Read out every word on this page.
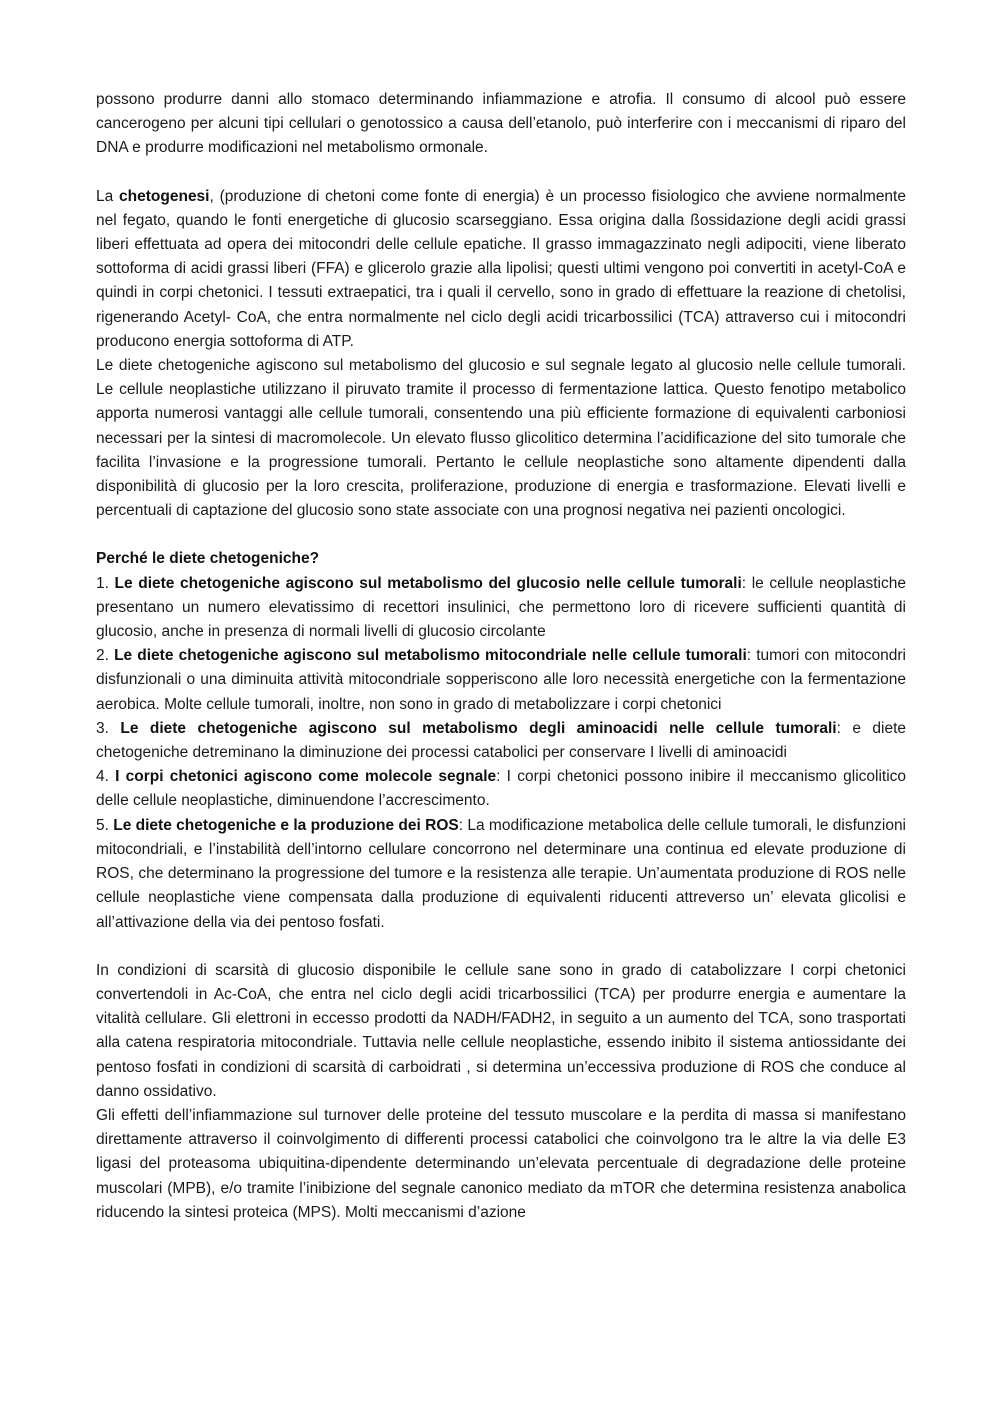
possono produrre danni allo stomaco determinando infiammazione e atrofia. Il consumo di alcool può essere cancerogeno per alcuni tipi cellulari o genotossico a causa dell’etanolo, può interferire con i meccanismi di riparo del DNA e produrre modificazioni nel metabolismo ormonale.

La chetogenesi, (produzione di chetoni come fonte di energia) è un processo fisiologico che avviene normalmente nel fegato, quando le fonti energetiche di glucosio scarseggiano. Essa origina dalla ßossidazione degli acidi grassi liberi effettuata ad opera dei mitocondri delle cellule epatiche. Il grasso immagazzinato negli adipociti, viene liberato sottoforma di acidi grassi liberi (FFA) e glicerolo grazie alla lipolisi; questi ultimi vengono poi convertiti in acetyl-CoA e quindi in corpi chetonici. I tessuti extraepatici, tra i quali il cervello, sono in grado di effettuare la reazione di chetolisi, rigenerando Acetyl- CoA, che entra normalmente nel ciclo degli acidi tricarbossilici (TCA) attraverso cui i mitocondri producono energia sottoforma di ATP.

Le diete chetogeniche agiscono sul metabolismo del glucosio e sul segnale legato al glucosio nelle cellule tumorali. Le cellule neoplastiche utilizzano il piruvato tramite il processo di fermentazione lattica. Questo fenotipo metabolico apporta numerosi vantaggi alle cellule tumorali, consentendo una più efficiente formazione di equivalenti carboniosi necessari per la sintesi di macromolecole. Un elevato flusso glicolitico determina l’acidificazione del sito tumorale che facilita l’invasione e la progressione tumorali. Pertanto le cellule neoplastiche sono altamente dipendenti dalla disponibilità di glucosio per la loro crescita, proliferazione, produzione di energia e trasformazione. Elevati livelli e percentuali di captazione del glucosio sono state associate con una prognosi negativa nei pazienti oncologici.

Perché le diete chetogeniche?

1. Le diete chetogeniche agiscono sul metabolismo del glucosio nelle cellule tumorali: le cellule neoplastiche presentano un numero elevatissimo di recettori insulinici, che permettono loro di ricevere sufficienti quantità di glucosio, anche in presenza di normali livelli di glucosio circolante

2. Le diete chetogeniche agiscono sul metabolismo mitocondriale nelle cellule tumorali: tumori con mitocondri disfunzionali o una diminuita attività mitocondriale sopperiscono alle loro necessità energetiche con la fermentazione aerobica. Molte cellule tumorali, inoltre, non sono in grado di metabolizzare i corpi chetonici

3. Le diete chetogeniche agiscono sul metabolismo degli aminoacidi nelle cellule tumorali: e diete chetogeniche detreminano la diminuzione dei processi catabolici per conservare I livelli di aminoacidi

4. I corpi chetonici agiscono come molecole segnale: I corpi chetonici possono inibire il meccanismo glicolitico delle cellule neoplastiche, diminuendone l’accrescimento.

5. Le diete chetogeniche e la produzione dei ROS: La modificazione metabolica delle cellule tumorali, le disfunzioni mitocondriali, e l’instabilità dell’intorno cellulare concorrono nel determinare una continua ed elevate produzione di ROS, che determinano la progressione del tumore e la resistenza alle terapie. Un’aumentata produzione di ROS nelle cellule neoplastiche viene compensata dalla produzione di equivalenti riducenti attreverso un’ elevata glicolisi e all’attivazione della via dei pentoso fosfati.

In condizioni di scarsità di glucosio disponibile le cellule sane sono in grado di catabolizzare I corpi chetonici convertendoli in Ac-CoA, che entra nel ciclo degli acidi tricarbossilici (TCA) per produrre energia e aumentare la vitalità cellulare. Gli elettroni in eccesso prodotti da NADH/FADH2, in seguito a un aumento del TCA, sono trasportati alla catena respiratoria mitocondriale. Tuttavia nelle cellule neoplastiche, essendo inibito il sistema antiossidante dei pentoso fosfati in condizioni di scarsità di carboidrati , si determina un’eccessiva produzione di ROS che conduce al danno ossidativo.

Gli effetti dell’infiammazione sul turnover delle proteine del tessuto muscolare e la perdita di massa si manifestano direttamente attraverso il coinvolgimento di differenti processi catabolici che coinvolgono tra le altre la via delle E3 ligasi del proteasoma ubiquitina-dipendente determinando un’elevata percentuale di degradazione delle proteine muscolari (MPB), e/o tramite l’inibizione del segnale canonico mediato da mTOR che determina resistenza anabolica riducendo la sintesi proteica (MPS). Molti meccanismi d’azione
